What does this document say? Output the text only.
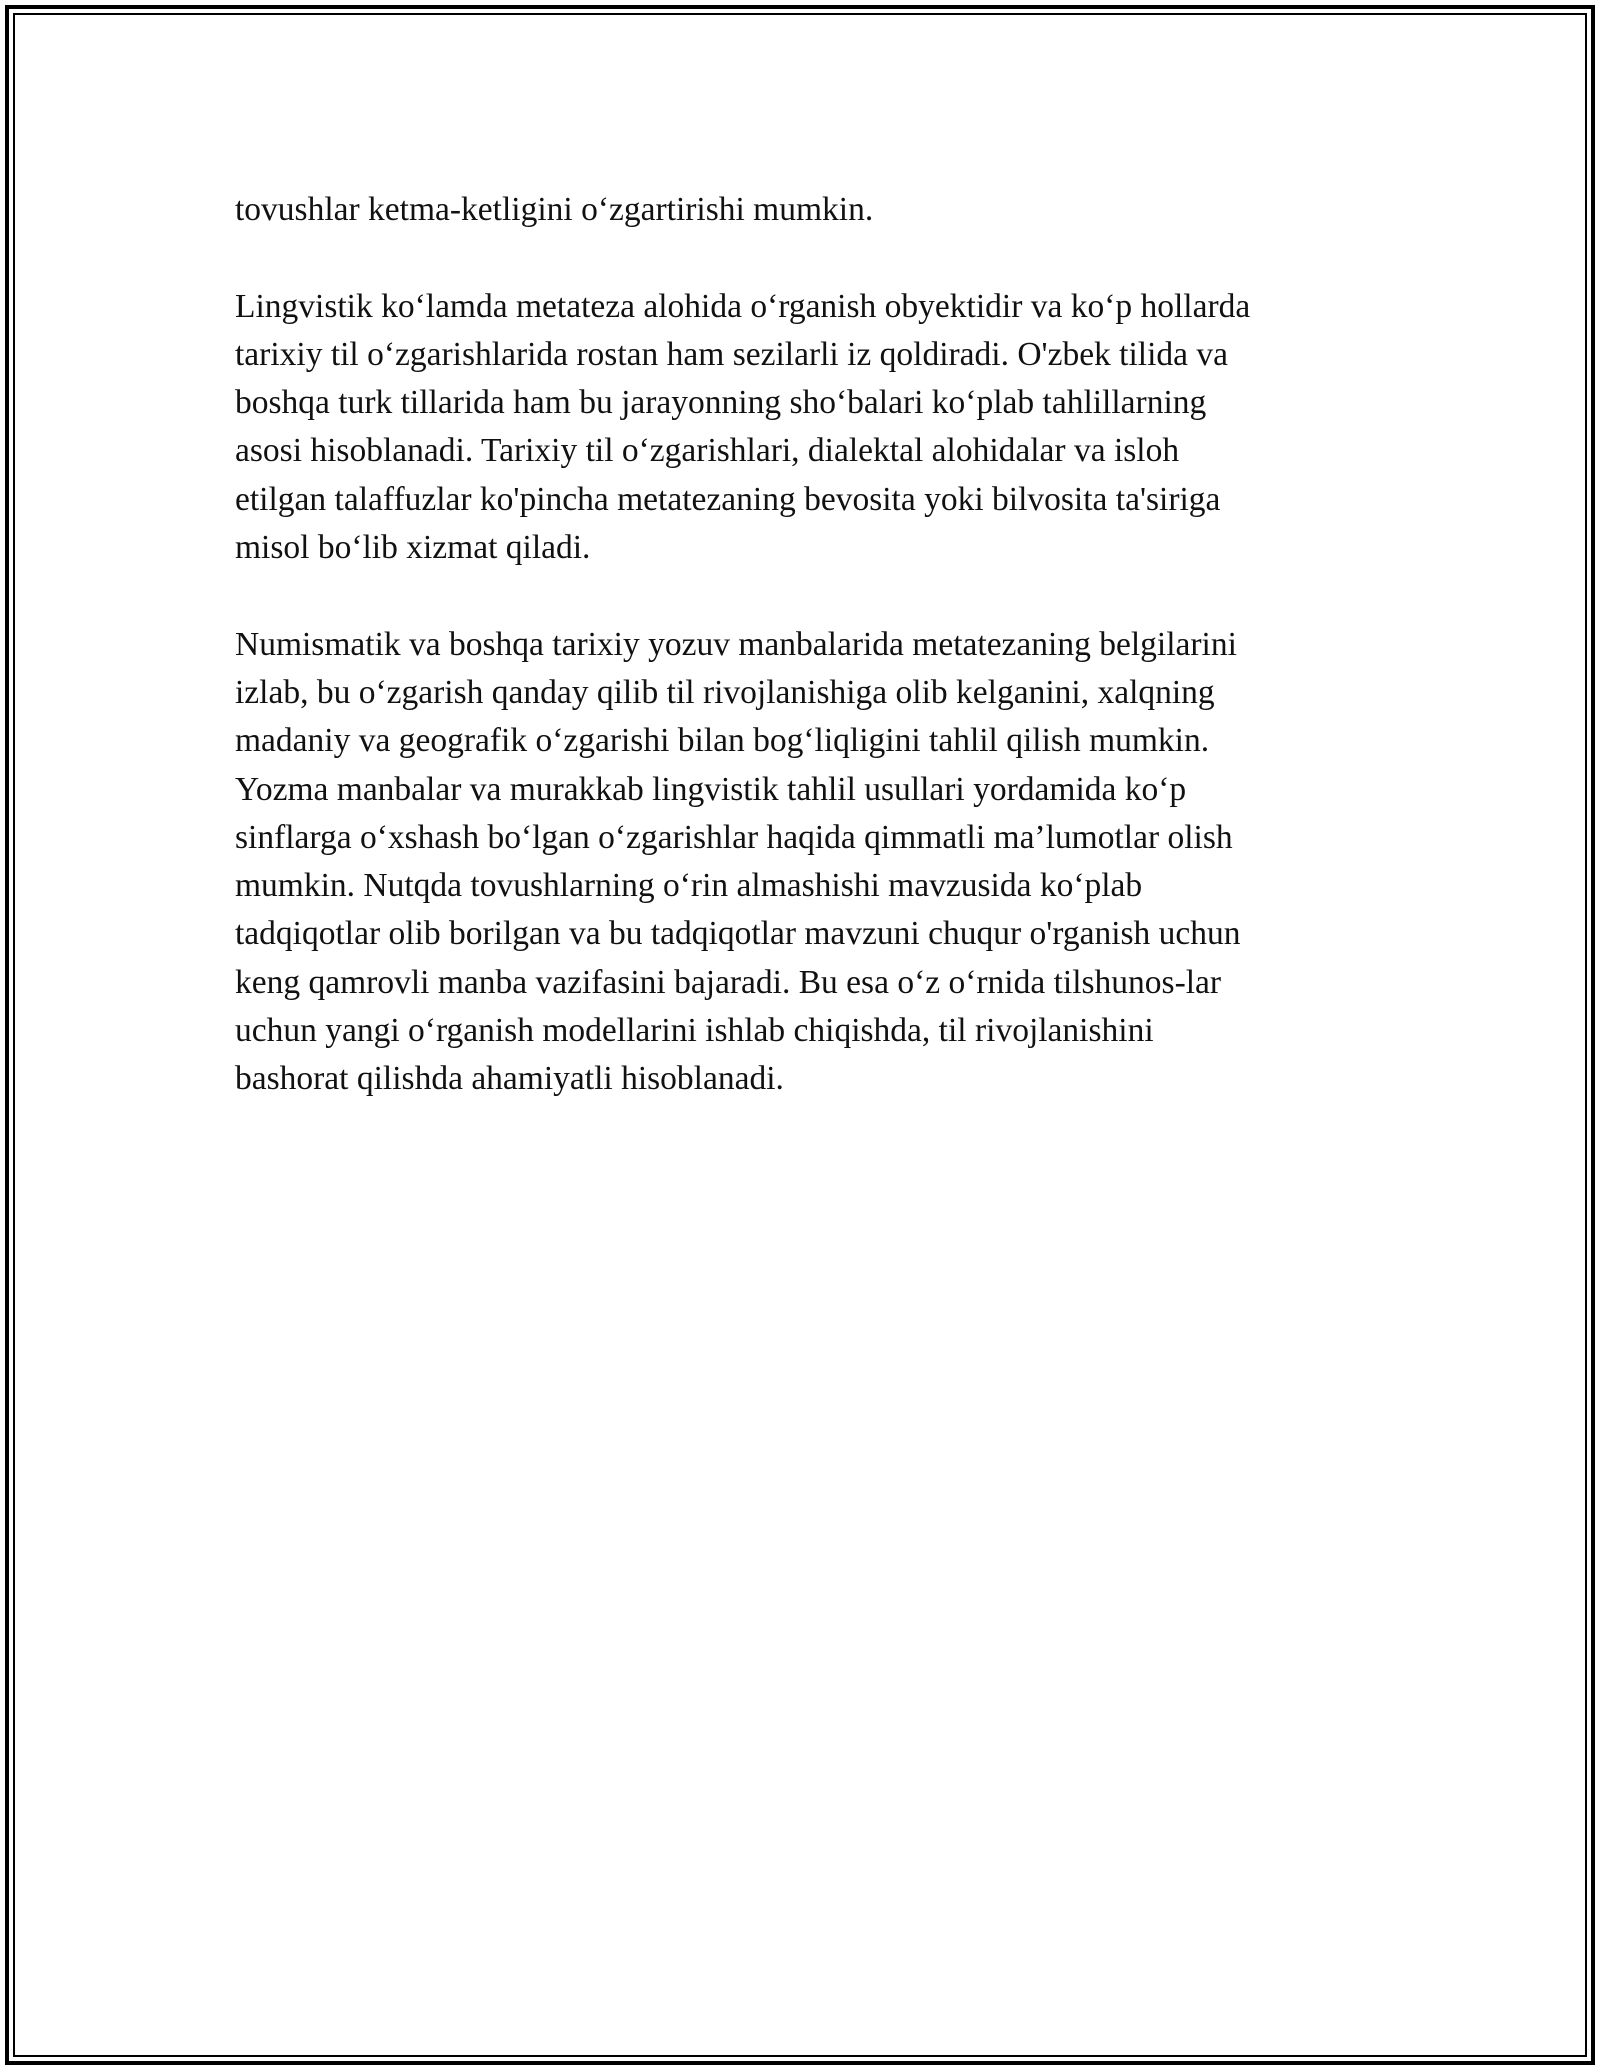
tovushlar ketma-ketligini o‘zgartirishi mumkin.

Lingvistik ko‘lamda metateza alohida o‘rganish obyektidir va ko‘p hollarda
tarixiy til o‘zgarishlarida rostan ham sezilarli iz qoldiradi. O'zbek tilida va
boshqa turk tillarida ham bu jarayonning sho‘balari ko‘plab tahlillarning
asosi hisoblanadi. Tarixiy til o‘zgarishlari, dialektal alohidalar va isloh
etilgan talaffuzlar ko'pincha metatezaning bevosita yoki bilvosita ta'siriga
misol bo‘lib xizmat qiladi.

Numismatik va boshqa tarixiy yozuv manbalarida metatezaning belgilarini
izlab, bu o‘zgarish qanday qilib til rivojlanishiga olib kelganini, xalqning
madaniy va geografik o‘zgarishi bilan bog‘liqligini tahlil qilish mumkin.
Yozma manbalar va murakkab lingvistik tahlil usullari yordamida ko‘p
sinflarga o‘xshash bo‘lgan o‘zgarishlar haqida qimmatli ma’lumotlar olish
mumkin. Nutqda tovushlarning o‘rin almashishi mavzusida ko‘plab
tadqiqotlar olib borilgan va bu tadqiqotlar mavzuni chuqur o'rganish uchun
keng qamrovli manba vazifasini bajaradi. Bu esa o‘z o‘rnida tilshunos-lar
uchun yangi o‘rganish modellarini ishlab chiqishda, til rivojlanishini
bashorat qilishda ahamiyatli hisoblanadi.
